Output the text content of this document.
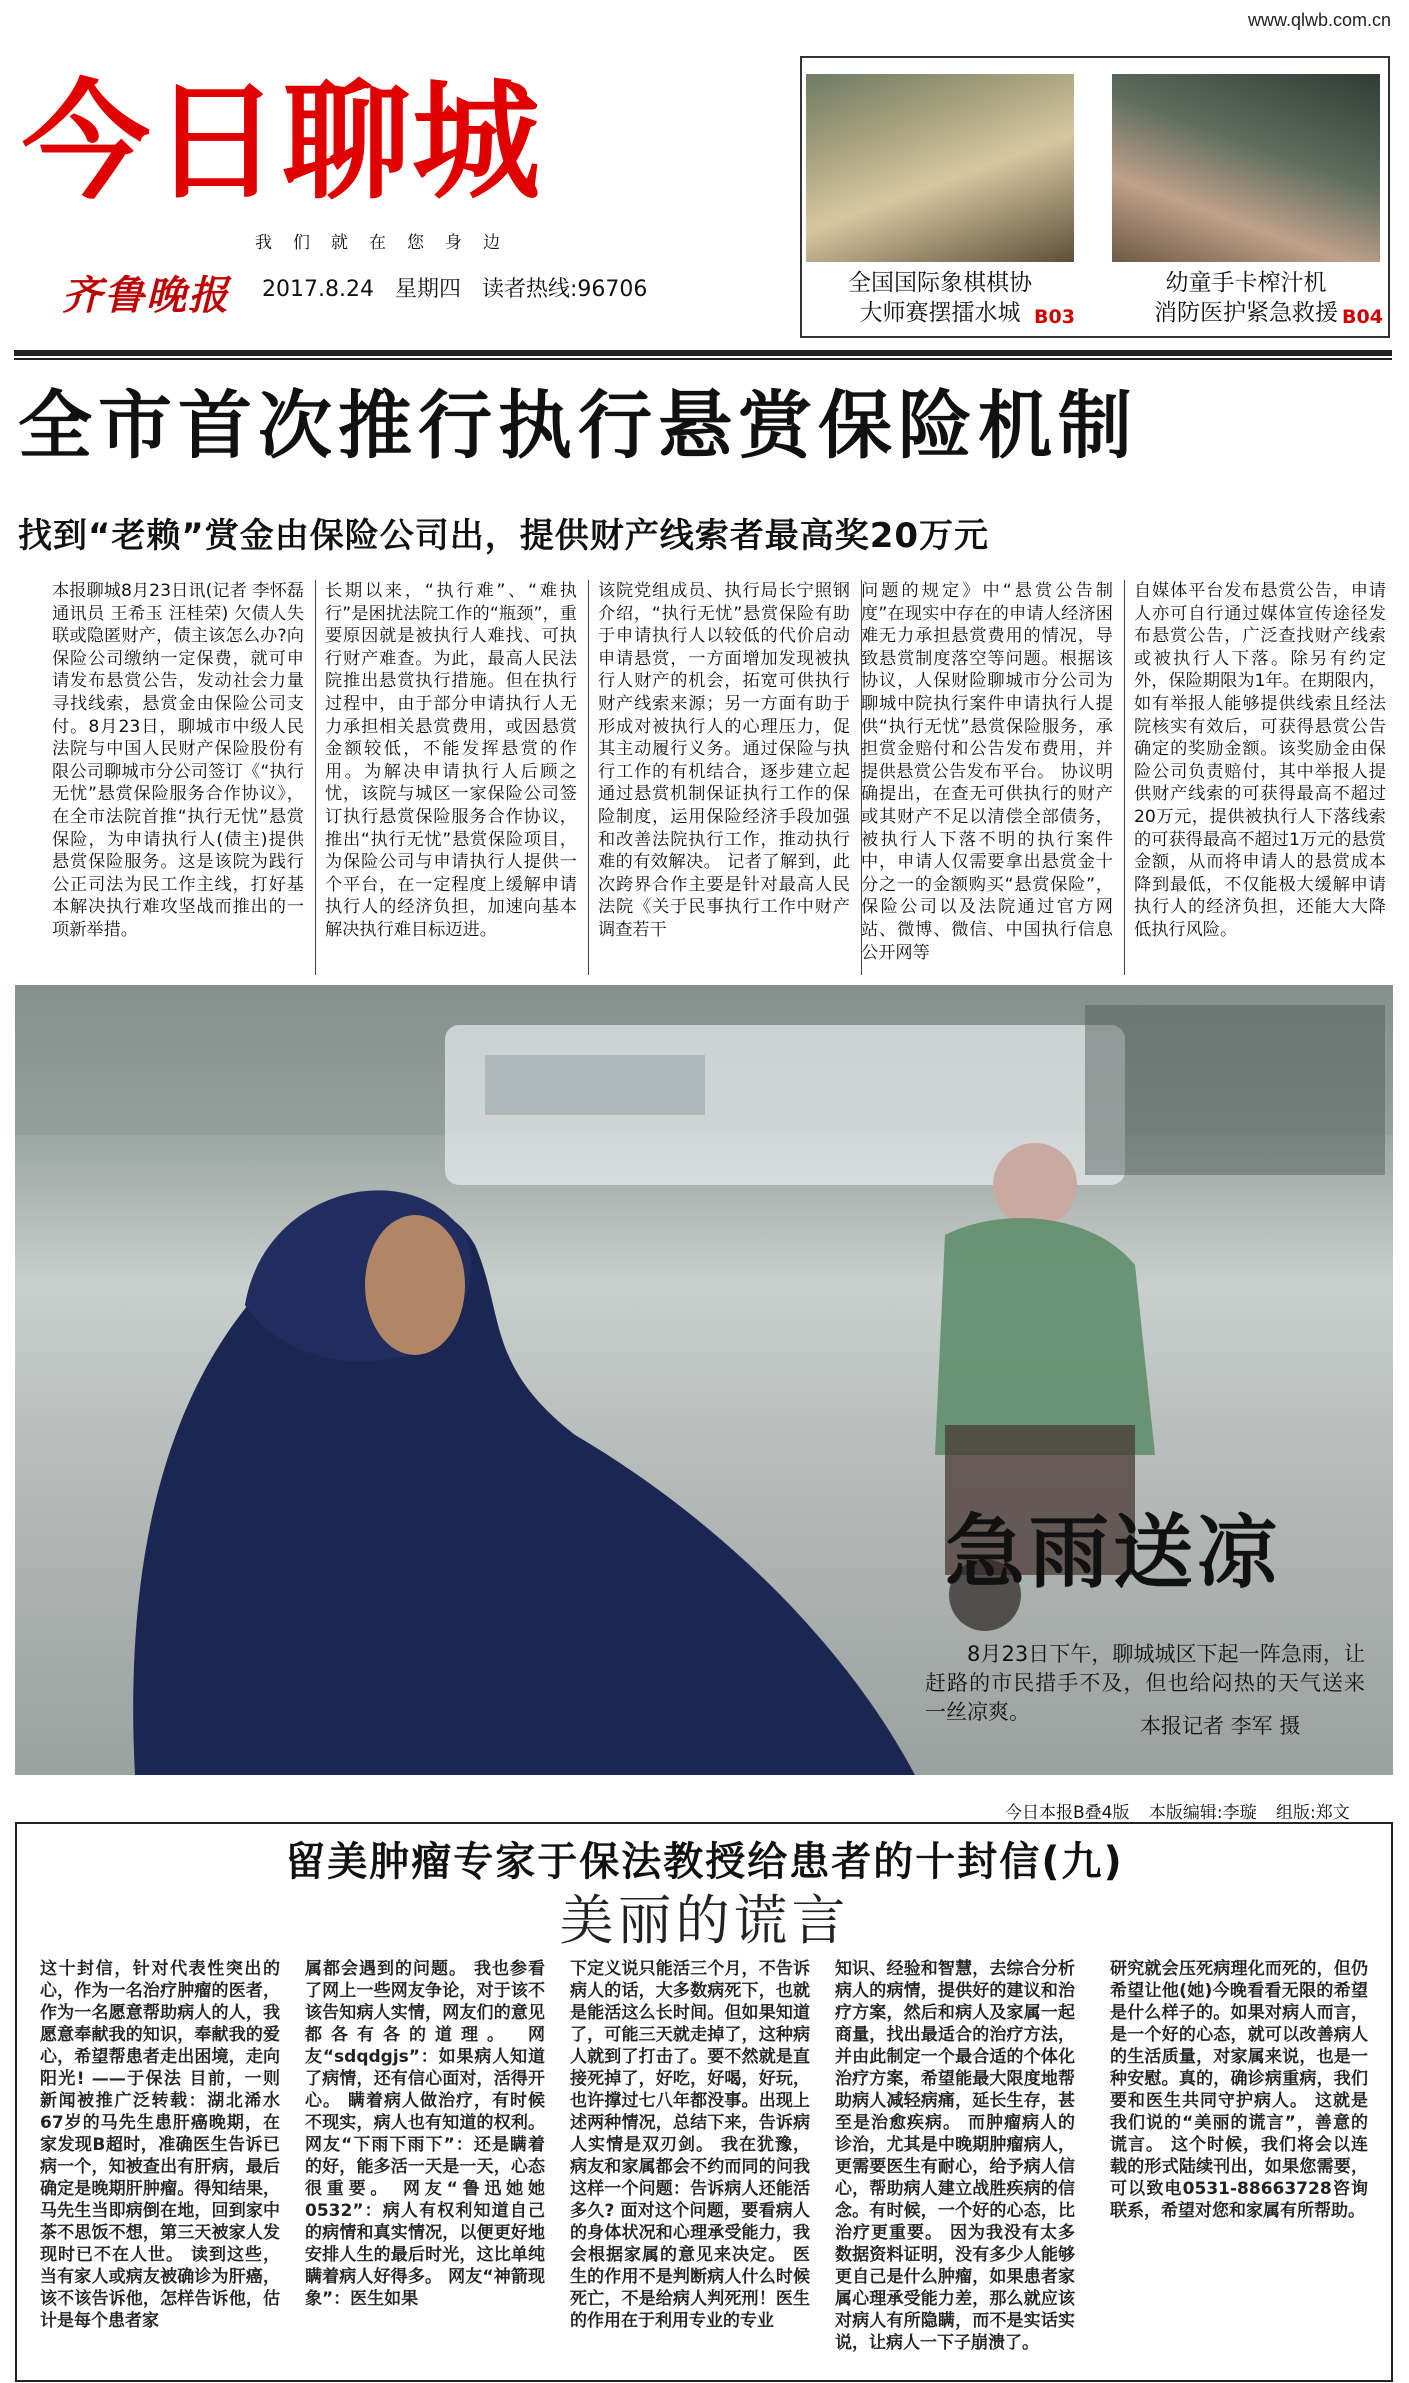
www.qlwb.com.cn
今日聊城
我们就在您身边
齐鲁晚报 2017.8.24 星期四 读者热线:96706	全国国际象棋棋协
大师赛摆擂水城 B03
幼童手卡榨汁机
消防医护紧急救援 B04
全市首次推行执行悬赏保险机制
找到“老赖”赏金由保险公司出，提供财产线索者最高奖20万元
本报聊城8月23日讯(记者 李怀磊 通讯员 王希玉 汪桂荣) 欠债人失联或隐匿财产，债主该怎么办?向保险公司缴纳一定保费，就可申请发布悬赏公告，发动社会力量寻找线索，悬赏金由保险公司支付。8月23日，聊城市中级人民法院与中国人民财产保险股份有限公司聊城市分公司签订《“执行无忧”悬赏保险服务合作协议》，在全市法院首推“执行无忧”悬赏保险，为申请执行人(债主)提供悬赏保险服务。这是该院为践行公正司法为民工作主线，打好基本解决执行难攻坚战而推出的一项新举措。
长期以来，“执行难”、“难执行”是困扰法院工作的“瓶颈”，重要原因就是被执行人难找、可执行财产难查。为此，最高人民法院推出悬赏执行措施。但在执行过程中，由于部分申请执行人无力承担相关悬赏费用，或因悬赏金额较低，不能发挥悬赏的作用。为解决申请执行人后顾之忧，该院与城区一家保险公司签订执行悬赏保险服务合作协议，推出“执行无忧”悬赏保险项目，为保险公司与申请执行人提供一个平台，在一定程度上缓解申请执行人的经济负担，加速向基本解决执行难目标迈进。
该院党组成员、执行局长宁照钢介绍，“执行无忧”悬赏保险有助于申请执行人以较低的代价启动申请悬赏，一方面增加发现被执行人财产的机会，拓宽可供执行财产线索来源；另一方面有助于形成对被执行人的心理压力，促其主动履行义务。通过保险与执行工作的有机结合，逐步建立起通过悬赏机制保证执行工作的保险制度，运用保险经济手段加强和改善法院执行工作，推动执行难的有效解决。 记者了解到，此次跨界合作主要是针对最高人民法院《关于民事执行工作中财产调查若干
问题的规定》中“悬赏公告制度”在现实中存在的申请人经济困难无力承担悬赏费用的情况，导致悬赏制度落空等问题。根据该协议，人保财险聊城市分公司为聊城中院执行案件申请执行人提供“执行无忧”悬赏保险服务，承担赏金赔付和公告发布费用，并提供悬赏公告发布平台。 协议明确提出，在查无可供执行的财产或其财产不足以清偿全部债务，被执行人下落不明的执行案件中，申请人仅需要拿出悬赏金十分之一的金额购买“悬赏保险”，保险公司以及法院通过官方网站、微博、微信、中国执行信息公开网等
自媒体平台发布悬赏公告，申请人亦可自行通过媒体宣传途径发布悬赏公告，广泛查找财产线索或被执行人下落。除另有约定外，保险期限为1年。在期限内，如有举报人能够提供线索且经法院核实有效后，可获得悬赏公告确定的奖励金额。该奖励金由保险公司负责赔付，其中举报人提供财产线索的可获得最高不超过20万元，提供被执行人下落线索的可获得最高不超过1万元的悬赏金额，从而将申请人的悬赏成本降到最低，不仅能极大缓解申请执行人的经济负担，还能大大降低执行风险。
急雨送凉
8月23日下午，聊城城区下起一阵急雨，让赶路的市民措手不及，但也给闷热的天气送来一丝凉爽。
本报记者 李军 摄
今日本报B叠4版 本版编辑:李璇 组版:郑文
留美肿瘤专家于保法教授给患者的十封信(九)
美丽的谎言
这十封信，针对代表性突出的心，作为一名治疗肿瘤的医者，作为一名愿意帮助病人的人，我愿意奉献我的知识，奉献我的爱心，希望帮患者走出困境，走向阳光! ——于保法 目前，一则新闻被推广泛转载：湖北浠水67岁的马先生患肝癌晚期，在家发现B超时，准确医生告诉已病一个，知被查出有肝病，最后确定是晚期肝肿瘤。得知结果，马先生当即病倒在地，回到家中茶不思饭不想，第三天被家人发现时已不在人世。 读到这些，当有家人或病友被确诊为肝癌，该不该告诉他，怎样告诉他，估计是每个患者家
属都会遇到的问题。 我也参看了网上一些网友争论，对于该不该告知病人实情，网友们的意见都各有各的道理。 网友“sdqdgjs”：如果病人知道了病情，还有信心面对，活得开心。 瞒着病人做治疗，有时候不现实，病人也有知道的权利。 网友“下雨下雨下”：还是瞒着的好，能多活一天是一天，心态很重要。 网友“鲁迅她她0532”：病人有权利知道自己的病情和真实情况，以便更好地安排人生的最后时光，这比单纯瞒着病人好得多。 网友“神箭现象”：医生如果
下定义说只能活三个月，不告诉病人的话，大多数病死下，也就是能活这么长时间。但如果知道了，可能三天就走掉了，这种病人就到了打击了。要不然就是直接死掉了，好吃，好喝，好玩，也许撑过七八年都没事。出现上述两种情况，总结下来，告诉病人实情是双刃剑。 我在犹豫，病友和家属都会不约而同的问我这样一个问题：告诉病人还能活多久? 面对这个问题，要看病人的身体状况和心理承受能力，我会根据家属的意见来决定。 医生的作用不是判断病人什么时候死亡，不是给病人判死刑！医生的作用在于利用专业的专业
知识、经验和智慧，去综合分析病人的病情，提供好的建议和治疗方案，然后和病人及家属一起商量，找出最适合的治疗方法，并由此制定一个最合适的个体化治疗方案，希望能最大限度地帮助病人减轻病痛，延长生存，甚至是治愈疾病。 而肿瘤病人的诊治，尤其是中晚期肿瘤病人，更需要医生有耐心，给予病人信心，帮助病人建立战胜疾病的信念。有时候，一个好的心态，比治疗更重要。 因为我没有太多数据资料证明，没有多少人能够更自己是什么肿瘤，如果患者家属心理承受能力差，那么就应该对病人有所隐瞒，而不是实话实说，让病人一下子崩溃了。
研究就会压死病理化而死的，但仍希望让他(她)今晚看看无限的希望是什么样子的。如果对病人而言，是一个好的心态，就可以改善病人的生活质量，对家属来说，也是一种安慰。真的，确诊病重病，我们要和医生共同守护病人。 这就是我们说的“美丽的谎言”，善意的谎言。 这个时候，我们将会以连载的形式陆续刊出，如果您需要，可以致电0531-88663728咨询联系，希望对您和家属有所帮助。
